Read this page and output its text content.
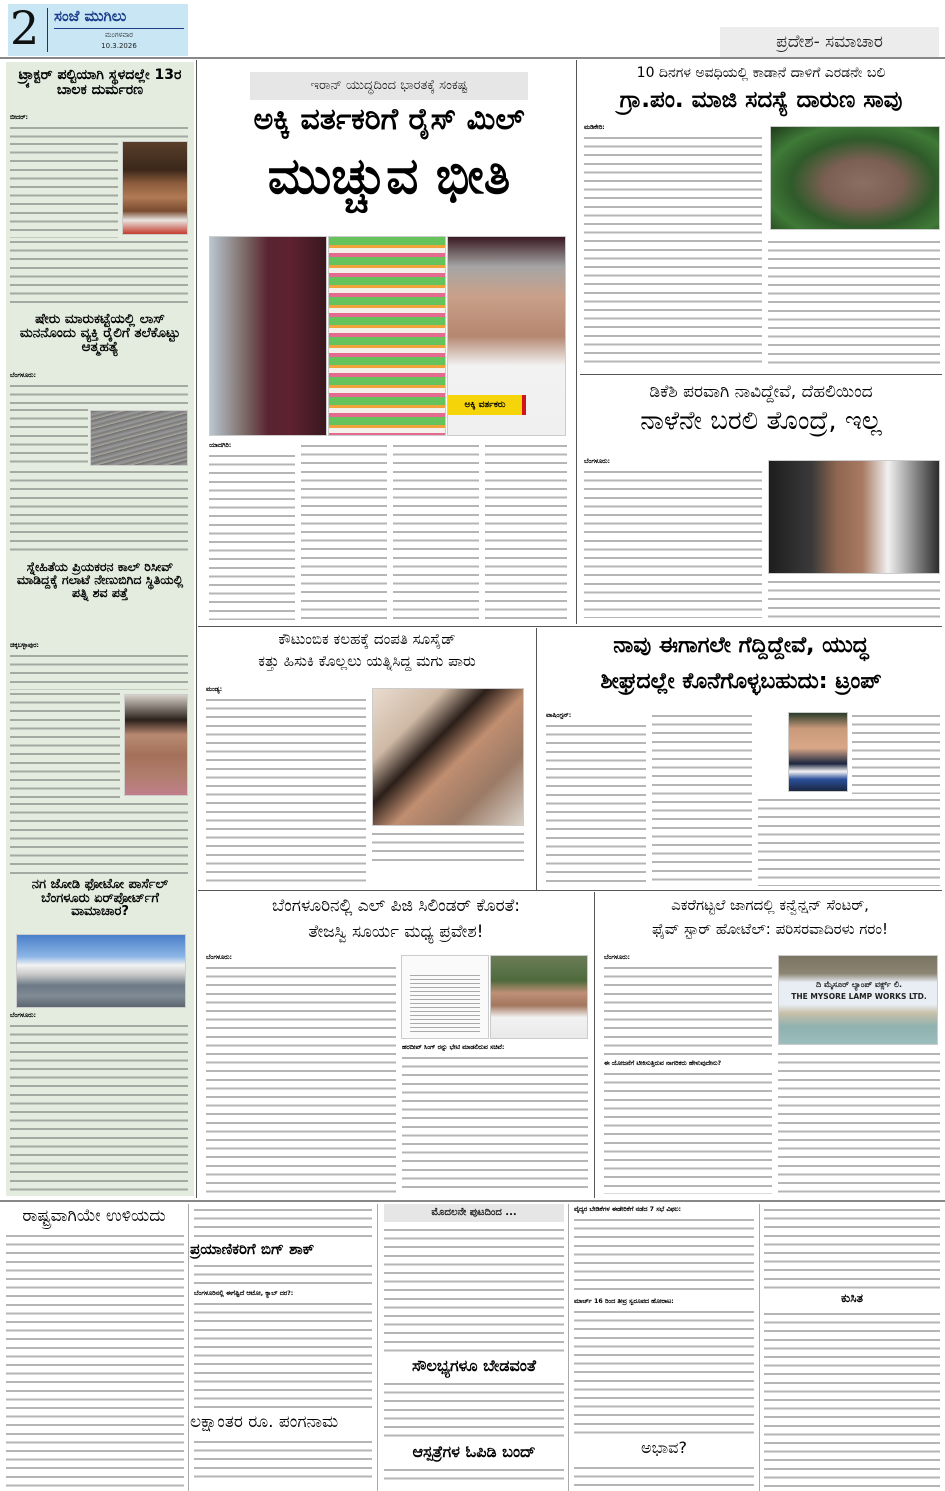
2 ಸಂಜೆ ಮುಗಿಲು
ಮಂಗಳವಾರ
10.3.2026	ಪ್ರದೇಶ- ಸಮಾಚಾರ
ಟ್ರ್ಯಾಕ್ಟರ್ ಪಲ್ಟಿಯಾಗಿ ಸ್ಥಳದಲ್ಲೇ 13ರ ಬಾಲಕ ದುರ್ಮರಣ
ಬೀದರ್:
ಷೇರು ಮಾರುಕಟ್ಟೆಯಲ್ಲಿ ಲಾಸ್ ಮನನೊಂದು ವ್ಯಕ್ತಿ ರೈಲಿಗೆ ತಲೆಕೊಟ್ಟು ಆತ್ಮಹತ್ಯೆ
ಬೆಂಗಳೂರು:
ಸ್ನೇಹಿತೆಯ ಪ್ರಿಯಕರನ ಕಾಲ್ ರಿಸೀವ್ ಮಾಡಿದ್ದಕ್ಕೆ ಗಲಾಟೆ ನೇಣುಬಿಗಿದ ಸ್ಥಿತಿಯಲ್ಲಿ ಪತ್ನಿ ಶವ ಪತ್ತೆ
ಚಿಕ್ಕಬಳ್ಳಾಪುರ:
ನಗ ಜೋಡಿ ಫೋಟೋ ಪಾರ್ಸೆಲ್ ಬೆಂಗಳೂರು ಏರ್‌ಪೋರ್ಟ್‌ಗೆ ವಾಮಾಚಾರ?
ಬೆಂಗಳೂರು:
ಇರಾನ್ ಯುದ್ಧದಿಂದ ಭಾರತಕ್ಕೆ ಸಂಕಷ್ಟ
ಅಕ್ಕಿ ವರ್ತಕರಿಗೆ ರೈಸ್ ಮಿಲ್
ಮುಚ್ಚುವ ಭೀತಿ
ಅಕ್ಕಿ ವರ್ತಕರು
ಯಾದಗಿರಿ:
10 ದಿನಗಳ ಅವಧಿಯಲ್ಲಿ ಕಾಡಾನೆ ದಾಳಿಗೆ ಎರಡನೇ ಬಲಿ
ಗ್ರಾ.ಪಂ. ಮಾಜಿ ಸದಸ್ಯೆ ದಾರುಣ ಸಾವು
ಮಡಿಕೇರಿ:
ಡಿಕೆಶಿ ಪರವಾಗಿ ನಾವಿದ್ದೇವೆ, ದೆಹಲಿಯಿಂದ
ನಾಳೆನೇ ಬರಲಿ ತೊಂದ್ರೆ, ಇಲ್ಲ
ಬೆಂಗಳೂರು:
ಕೌಟುಂಬಿಕ ಕಲಹಕ್ಕೆ ದಂಪತಿ ಸೂಸೈಡ್
ಕತ್ತು ಹಿಸುಕಿ ಕೊಲ್ಲಲು ಯತ್ನಿಸಿದ್ದ ಮಗು ಪಾರು
ಮಂಡ್ಯ:
ನಾವು ಈಗಾಗಲೇ ಗೆದ್ದಿದ್ದೇವೆ, ಯುದ್ಧ
ಶೀಘ್ರದಲ್ಲೇ ಕೊನೆಗೊಳ್ಳಬಹುದು: ಟ್ರಂಪ್
ವಾಷಿಂಗ್ಟನ್:
ಬೆಂಗಳೂರಿನಲ್ಲಿ ಎಲ್ ಪಿಜಿ ಸಿಲಿಂಡರ್ ಕೊರತೆ:
ತೇಜಸ್ವಿ ಸೂರ್ಯ ಮಧ್ಯ ಪ್ರವೇಶ!
ಬೆಂಗಳೂರು:
ಹರದೀಪ್ ಸಿಂಗ್ ರನ್ನು ಭೇಟಿ ಮಾಡಲಿರುವ ಸಚಿವೆ:
ಎಕರೆಗಟ್ಟಲೆ ಜಾಗದಲ್ಲಿ ಕನ್ವೆನ್ಷನ್ ಸೆಂಟರ್,
ಫೈವ್ ಸ್ಟಾರ್ ಹೋಟೆಲ್: ಪರಿಸರವಾದಿರಳು ಗರಂ!
ಬೆಂಗಳೂರು:
ದಿ ಮೈಸೂರ್ ಲ್ಯಾಂಪ್ ವರ್ಕ್ಸ್ ಲಿ.
THE MYSORE LAMP WORKS LTD.
ಈ ಯೋಜನೆಗೆ ಟೀಕಿಸುತ್ತಿರುವ ನಾಗರಿಕರು ಹೇಳುವುದೇನು?
ರಾಷ್ಟ್ರವಾಗಿಯೇ ಉಳಿಯದು
ಪ್ರಯಾಣಿಕರಿಗೆ ಬಿಗ್ ಶಾಕ್
ಬೆಂಗಳೂರಿನಲ್ಲಿ ಈಗೆಷ್ಟಿದೆ ಆಟೋ, ಕ್ಯಾಬ್ ದರ?:
ಲಕ್ಷಾಂತರ ರೂ. ಪಂಗನಾಮ
ಮೊದಲನೇ ಪುಟದಿಂದ ...
ಸೌಲಭ್ಯಗಳೂ ಬೇಡವಂತೆ
ಆಸ್ಪತ್ರೆಗಳ ಓಪಿಡಿ ಬಂದ್
ವೈದ್ಯರ ಬೇಡಿಕೆಗಳ ಈಡೇರಿಕೆಗೆ ನಡೆದ 7 ಸಭೆ ವಿಫಲ:
ಮಾರ್ಚ್ 16 ರಿಂದ ತೀವ್ರ ಸ್ವರೂಪದ ಹೋರಾಟ:
ಅಭಾವ?
ಕುಸಿತ
